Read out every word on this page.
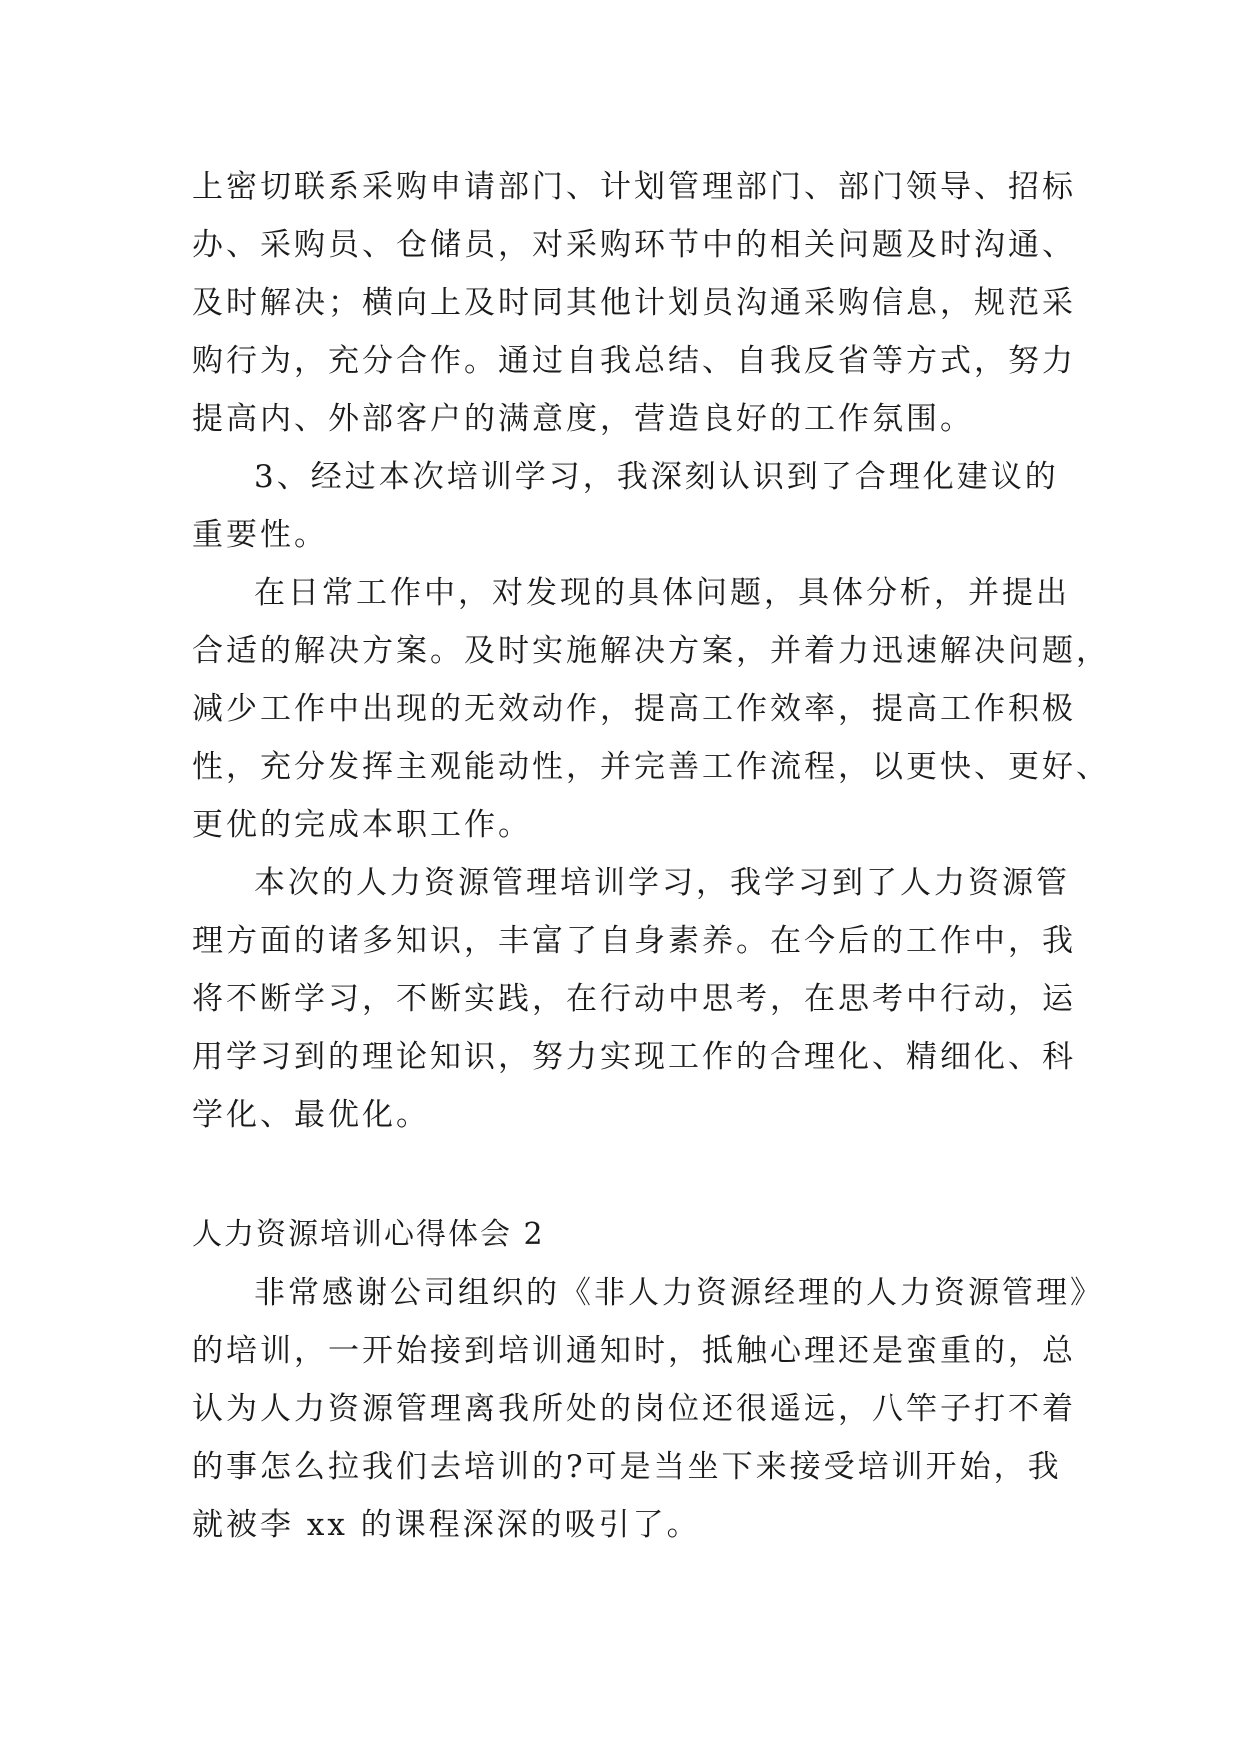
上密切联系采购申请部门、计划管理部门、部门领导、招标
办、采购员、仓储员，对采购环节中的相关问题及时沟通、
及时解决；横向上及时同其他计划员沟通采购信息，规范采
购行为，充分合作。通过自我总结、自我反省等方式，努力
提高内、外部客户的满意度，营造良好的工作氛围。
3、经过本次培训学习，我深刻认识到了合理化建议的
重要性。
在日常工作中，对发现的具体问题，具体分析，并提出
合适的解决方案。及时实施解决方案，并着力迅速解决问题，
减少工作中出现的无效动作，提高工作效率，提高工作积极
性，充分发挥主观能动性，并完善工作流程，以更快、更好、
更优的完成本职工作。
本次的人力资源管理培训学习，我学习到了人力资源管
理方面的诸多知识，丰富了自身素养。在今后的工作中，我
将不断学习，不断实践，在行动中思考，在思考中行动，运
用学习到的理论知识，努力实现工作的合理化、精细化、科
学化、最优化。
人力资源培训心得体会 2
非常感谢公司组织的《非人力资源经理的人力资源管理》
的培训，一开始接到培训通知时，抵触心理还是蛮重的，总
认为人力资源管理离我所处的岗位还很遥远，八竿子打不着
的事怎么拉我们去培训的?可是当坐下来接受培训开始，我
就被李 xx 的课程深深的吸引了。
